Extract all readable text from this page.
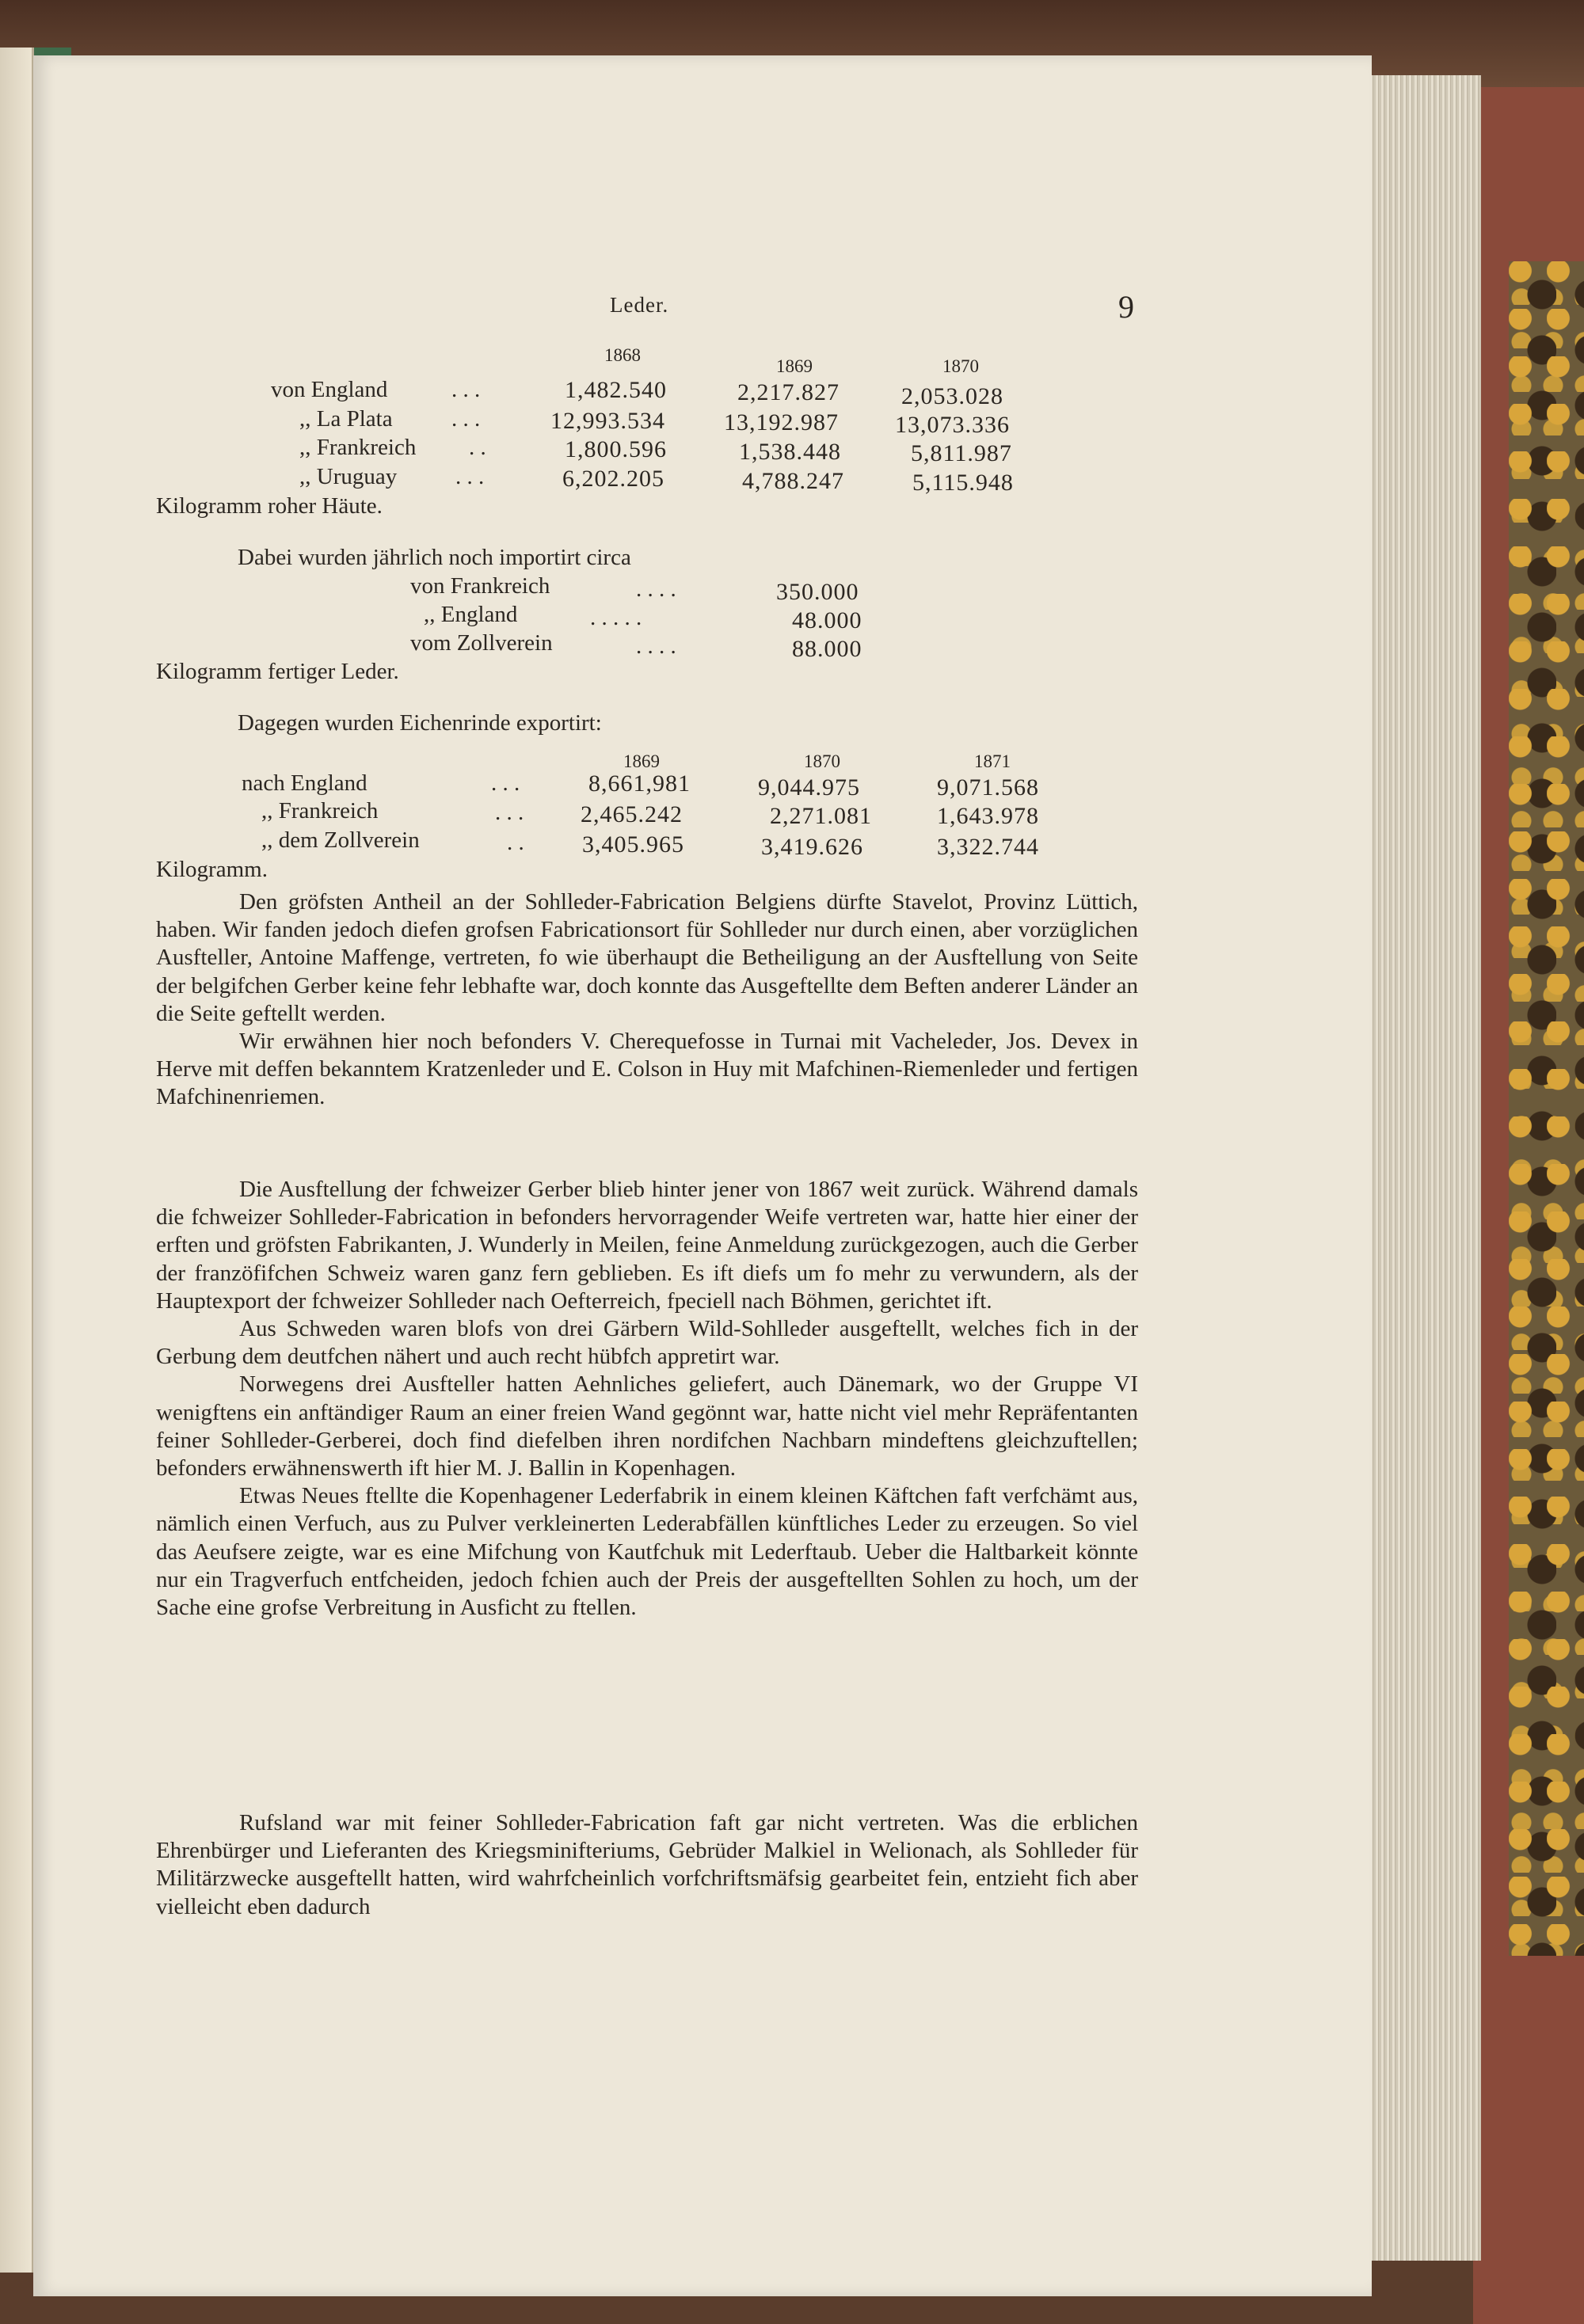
Leder.	9
1868
1869	1870
von England	. . .	1,482.540	2,217.827	2,053.028
,, La Plata	. . .	12,993.534 13,192.987 13,073.336
,, Frankreich . .	1,800.596	1,538.448	5,811.987
,, Uruguay	. . .	6,202.205	4,788.247	5,115.948
Kilogramm roher Häute.
Dabei wurden jährlich noch importirt circa
von Frankreich	. . . .	350.000
,, England	. . . . .	48.000
vom Zollverein	. . . .	88.000
Kilogramm fertiger Leder.
Dagegen wurden Eichenrinde exportirt:
1869	1870	1871
nach England	. . .	8,661,981	9,044.975	9,071.568
,, Frankreich	. . . 2,465.242	2,271.081	1,643.978
,, dem Zollverein	. . 3,405.965	3,419.626	3,322.744
Kilogramm.

Den gröfsten Antheil an der Sohlleder-Fabrication Belgiens dürfte Stavelot, Provinz Lüttich, haben. Wir fanden jedoch diefen grofsen Fabricationsort für Sohlleder nur durch einen, aber vorzüglichen Ausfteller, Antoine Maffenge, vertreten, fo wie überhaupt die Betheiligung an der Ausftellung von Seite der belgifchen Gerber keine fehr lebhafte war, doch konnte das Ausgeftellte dem Beften anderer Länder an die Seite geftellt werden.

Wir erwähnen hier noch befonders V. Cherequefosse in Turnai mit Vacheleder, Jos. Devex in Herve mit deffen bekanntem Kratzenleder und E. Colson in Huy mit Mafchinen-Riemenleder und fertigen Mafchinenriemen.

Die Ausftellung der fchweizer Gerber blieb hinter jener von 1867 weit zurück. Während damals die fchweizer Sohlleder-Fabrication in befonders hervorragender Weife vertreten war, hatte hier einer der erften und gröfsten Fabrikanten, J. Wunderly in Meilen, feine Anmeldung zurückgezogen, auch die Gerber der franzöfifchen Schweiz waren ganz fern geblieben. Es ift diefs um fo mehr zu verwundern, als der Hauptexport der fchweizer Sohlleder nach Oefterreich, fpeciell nach Böhmen, gerichtet ift.

Aus Schweden waren blofs von drei Gärbern Wild-Sohlleder ausgeftellt, welches fich in der Gerbung dem deutfchen nähert und auch recht hübfch appretirt war.

Norwegens drei Ausfteller hatten Aehnliches geliefert, auch Dänemark, wo der Gruppe VI wenigftens ein anftändiger Raum an einer freien Wand gegönnt war, hatte nicht viel mehr Repräfentanten feiner Sohlleder-Gerberei, doch find diefelben ihren nordifchen Nachbarn mindeftens gleichzuftellen; befonders erwähnenswerth ift hier M. J. Ballin in Kopenhagen.

Etwas Neues ftellte die Kopenhagener Lederfabrik in einem kleinen Käftchen faft verfchämt aus, nämlich einen Verfuch, aus zu Pulver verkleinerten Lederabfällen künftliches Leder zu erzeugen. So viel das Aeufsere zeigte, war es eine Mifchung von Kautfchuk mit Lederftaub. Ueber die Haltbarkeit könnte nur ein Tragverfuch entfcheiden, jedoch fchien auch der Preis der ausgeftellten Sohlen zu hoch, um der Sache eine grofse Verbreitung in Ausficht zu ftellen.

Rufsland war mit feiner Sohlleder-Fabrication faft gar nicht vertreten. Was die erblichen Ehrenbürger und Lieferanten des Kriegsminifteriums, Gebrüder Malkiel in Welionach, als Sohlleder für Militärzwecke ausgeftellt hatten, wird wahrfcheinlich vorfchriftsmäfsig gearbeitet fein, entzieht fich aber vielleicht eben dadurch
